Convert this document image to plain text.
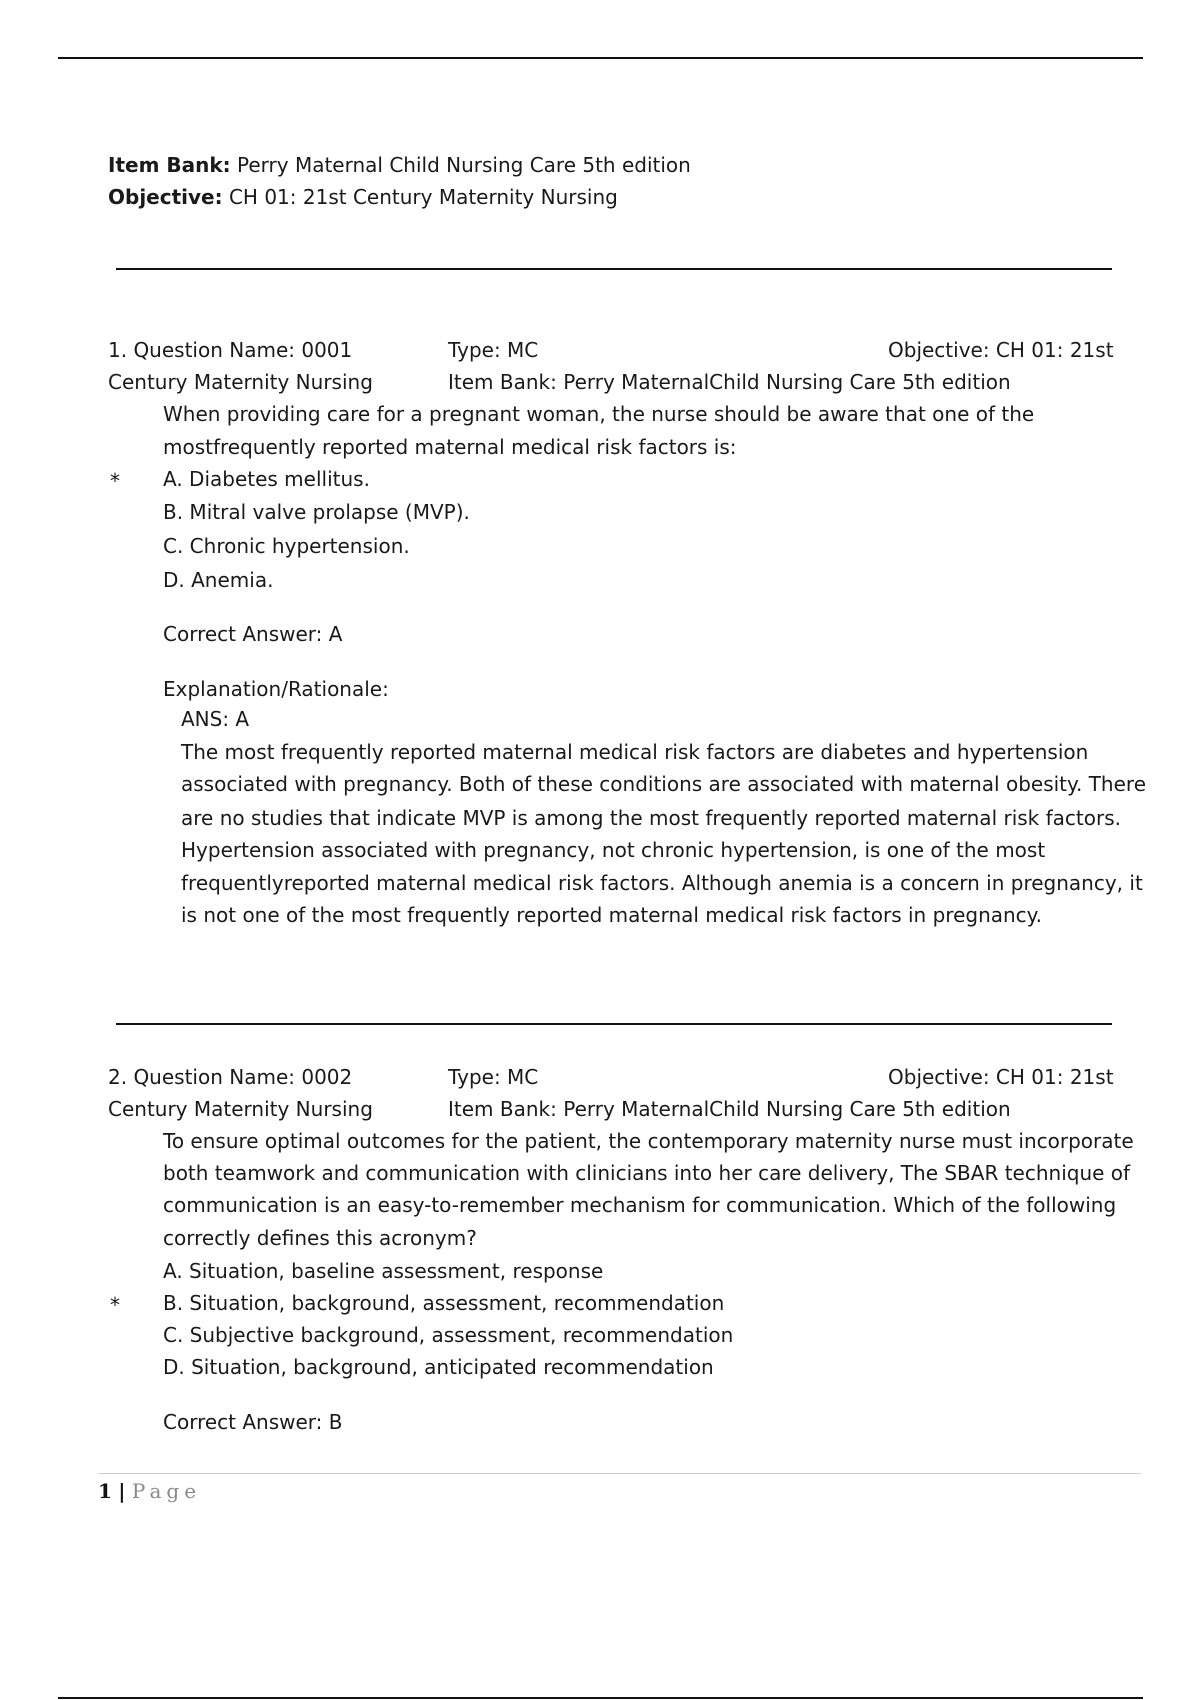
Item Bank: Perry Maternal Child Nursing Care 5th edition
Objective: CH 01: 21st Century Maternity Nursing
1. Question Name: 0001	Type: MC	Objective: CH 01: 21st
Century Maternity Nursing	Item Bank: Perry MaternalChild Nursing Care 5th edition
When providing care for a pregnant woman, the nurse should be aware that one of the
mostfrequently reported maternal medical risk factors is:
* A. Diabetes mellitus.
B. Mitral valve prolapse (MVP).
C. Chronic hypertension.
D. Anemia.
Correct Answer: A
Explanation/Rationale:
ANS: A
The most frequently reported maternal medical risk factors are diabetes and hypertension
associated with pregnancy. Both of these conditions are associated with maternal obesity. There
are no studies that indicate MVP is among the most frequently reported maternal risk factors.
Hypertension associated with pregnancy, not chronic hypertension, is one of the most
frequentlyreported maternal medical risk factors. Although anemia is a concern in pregnancy, it
is not one of the most frequently reported maternal medical risk factors in pregnancy.
2. Question Name: 0002	Type: MC	Objective: CH 01: 21st
Century Maternity Nursing	Item Bank: Perry MaternalChild Nursing Care 5th edition
To ensure optimal outcomes for the patient, the contemporary maternity nurse must incorporate
both teamwork and communication with clinicians into her care delivery, The SBAR technique of
communication is an easy-to-remember mechanism for communication. Which of the following
correctly defines this acronym?
A. Situation, baseline assessment, response
* B. Situation, background, assessment, recommendation
C. Subjective background, assessment, recommendation
D. Situation, background, anticipated recommendation
Correct Answer: B
1 | Page
